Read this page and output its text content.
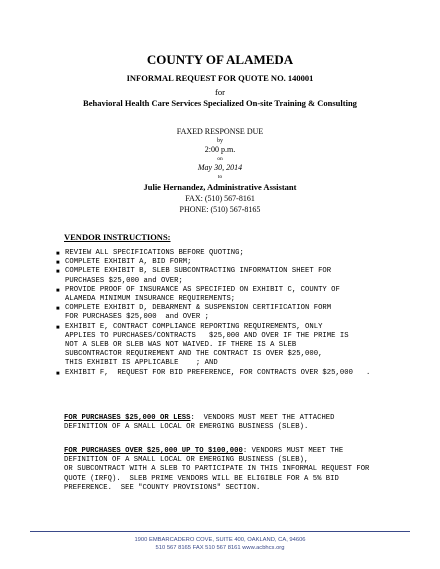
COUNTY OF ALAMEDA
INFORMAL REQUEST FOR QUOTE NO. 140001
for
Behavioral Health Care Services Specialized On-site Training & Consulting
FAXED RESPONSE DUE
by
2:00 p.m.
on
May 30, 2014
to
Julie Hernandez, Administrative Assistant
FAX: (510) 567-8161
PHONE: (510) 567-8165
VENDOR INSTRUCTIONS:
■ REVIEW ALL SPECIFICATIONS BEFORE QUOTING;
■ COMPLETE EXHIBIT A, BID FORM;
■ COMPLETE EXHIBIT B, SLEB SUBCONTRACTING INFORMATION SHEET FOR
PURCHASES $25,000 and OVER;
■ PROVIDE PROOF OF INSURANCE AS SPECIFIED ON EXHIBIT C, COUNTY OF
ALAMEDA MINIMUM INSURANCE REQUIREMENTS;
■ COMPLETE EXHIBIT D, DEBARMENT & SUSPENSION CERTIFICATION FORM
FOR PURCHASES $25,000  and OVER ;
■ EXHIBIT E, CONTRACT COMPLIANCE REPORTING REQUIREMENTS, ONLY
APPLIES TO PURCHASES/CONTRACTS   $25,000 AND OVER IF THE PRIME IS
NOT A SLEB OR SLEB WAS NOT WAIVED. IF THERE IS A SLEB
SUBCONTRACTOR REQUIREMENT AND THE CONTRACT IS OVER $25,000,
THIS EXHIBIT IS APPLICABLE    ; AND
■ EXHIBIT F,  REQUEST FOR BID PREFERENCE, FOR CONTRACTS OVER $25,000   .
FOR PURCHASES $25,000 OR LESS:  VENDORS MUST MEET THE ATTACHED
DEFINITION OF A SMALL LOCAL OR EMERGING BUSINESS (SLEB).
FOR PURCHASES OVER $25,000 UP TO $100,000: VENDORS MUST MEET THE
DEFINITION OF A SMALL LOCAL OR EMERGING BUSINESS (SLEB),
OR SUBCONTRACT WITH A SLEB TO PARTICIPATE IN THIS INFORMAL REQUEST FOR
QUOTE (IRFQ).  SLEB PRIME VENDORS WILL BE ELIGIBLE FOR A 5% BID
PREFERENCE.  SEE "COUNTY PROVISIONS" SECTION.
1900 EMBARCADERO COVE, SUITE 400, OAKLAND, CA, 94606
510 567 8165 FAX 510 567 8161 www.acbhcs.org
